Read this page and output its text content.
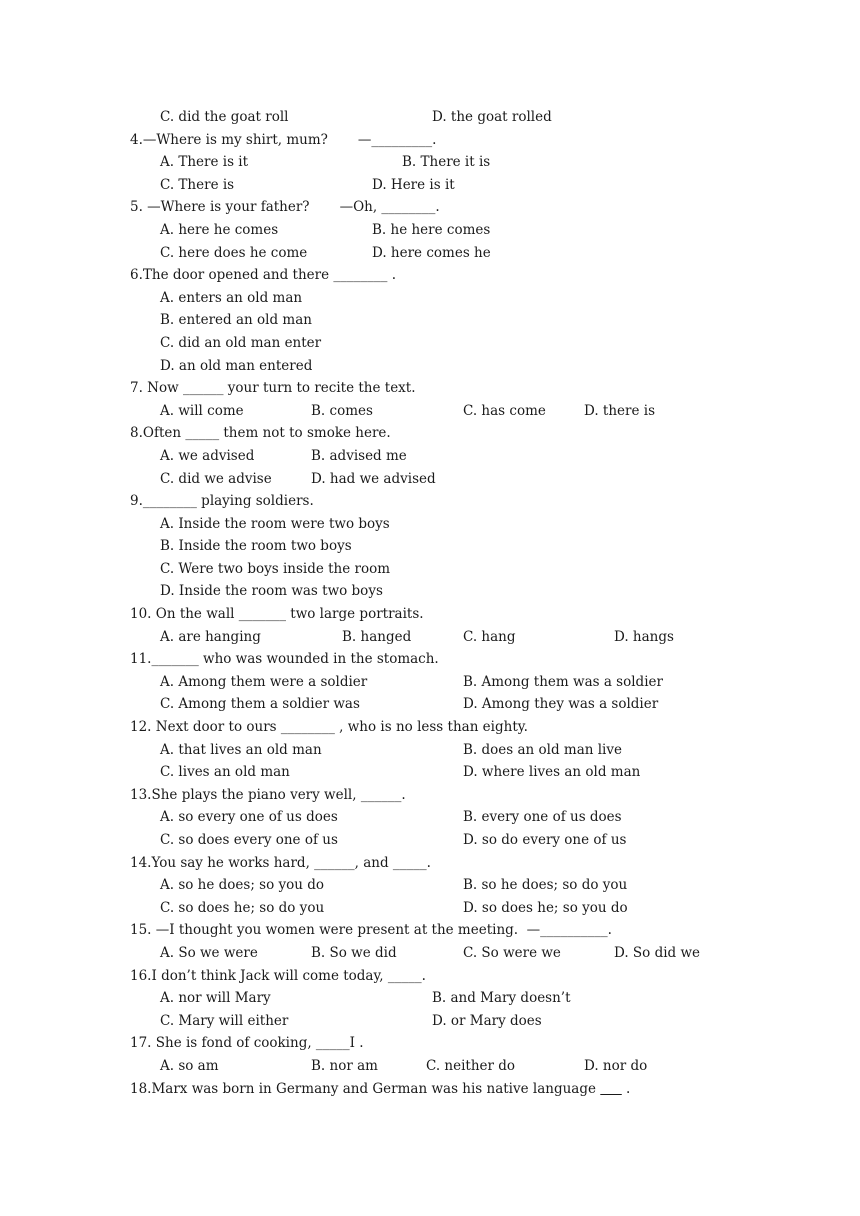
C. did the goat roll

	D. the goat rolled

4.—Where is my shirt, mum?       —_________.

A. There is it

	B. There it is

C. There is

	D. Here is it

5. —Where is your father?       —Oh, ________.

A. here he comes

	B. he here comes

C. here does he come

	D. here comes he

6.The door opened and there ________ .

A. enters an old man

B. entered an old man

C. did an old man enter

D. an old man entered

7. Now ______ your turn to recite the text.

A. will come

	B. comes

	C. has come

	D. there is

8.Often _____ them not to smoke here.

A. we advised

	B. advised me

C. did we advise

	D. had we advised

9.________ playing soldiers.

A. Inside the room were two boys

B. Inside the room two boys

C. Were two boys inside the room

D. Inside the room was two boys

10. On the wall _______ two large portraits.

A. are hanging

	B. hanged

	C. hang

	D. hangs

11._______ who was wounded in the stomach.

A. Among them were a soldier

	B. Among them was a soldier

C. Among them a soldier was

	D. Among they was a soldier

12. Next door to ours ________ , who is no less than eighty.

A. that lives an old man

	B. does an old man live

C. lives an old man

	D. where lives an old man

13.She plays the piano very well, ______.

A. so every one of us does

	B. every one of us does

C. so does every one of us

	D. so do every one of us

14.You say he works hard, ______, and _____.

A. so he does; so you do

	B. so he does; so do you

C. so does he; so do you

	D. so does he; so you do

15. —I thought you women were present at the meeting.  —__________.

A. So we were

	B. So we did

	C. So were we

	D. So did we

16.I don’t think Jack will come today, _____.

A. nor will Mary

	B. and Mary doesn’t

C. Mary will either

	D. or Mary does

17. She is fond of cooking, _____I .

A. so am

	B. nor am

	C. neither do

	D. nor do

18.Marx was born in Germany and German was his native language       .
